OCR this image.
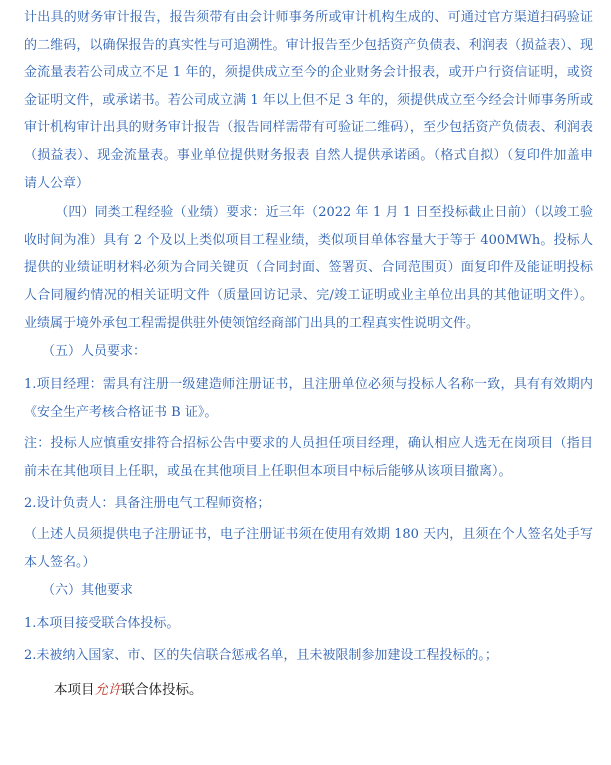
计出具的财务审计报告，报告须带有由会计师事务所或审计机构生成的、可通过官方渠道扫码验证的二维码，以确保报告的真实性与可追溯性。审计报告至少包括资产负债表、利润表（损益表）、现金流量表若公司成立不足 1 年的，须提供成立至今的企业财务会计报表，或开户行资信证明，或资金证明文件，或承诺书。若公司成立满 1 年以上但不足 3 年的，须提供成立至今经会计师事务所或审计机构审计出具的财务审计报告（报告同样需带有可验证二维码），至少包括资产负债表、利润表（损益表）、现金流量表。事业单位提供财务报表 自然人提供承诺函。（格式自拟）（复印件加盖申请人公章）

（四）同类工程经验（业绩）要求：近三年（2022 年 1 月 1 日至投标截止日前）（以竣工验收时间为准）具有 2 个及以上类似项目工程业绩，类似项目单体容量大于等于 400MWh。投标人提供的业绩证明材料必须为合同关键页（合同封面、签署页、合同范围页）面复印件及能证明投标人合同履约情况的相关证明文件（质量回访记录、完/竣工证明或业主单位出具的其他证明文件）。业绩属于境外承包工程需提供驻外使领馆经商部门出具的工程真实性说明文件。

（五）人员要求：

1.项目经理：需具有注册一级建造师注册证书，且注册单位必须与投标人名称一致，具有有效期内《安全生产考核合格证书 B 证》。

注：投标人应慎重安排符合招标公告中要求的人员担任项目经理，确认相应人选无在岗项目（指目前未在其他项目上任职，或虽在其他项目上任职但本项目中标后能够从该项目撤离）。

2.设计负责人：具备注册电气工程师资格；

（上述人员须提供电子注册证书，电子注册证书须在使用有效期 180 天内，且须在个人签名处手写本人签名。）

（六）其他要求

1.本项目接受联合体投标。

2.未被纳入国家、市、区的失信联合惩戒名单，且未被限制参加建设工程投标的。；

本项目允许联合体投标。
